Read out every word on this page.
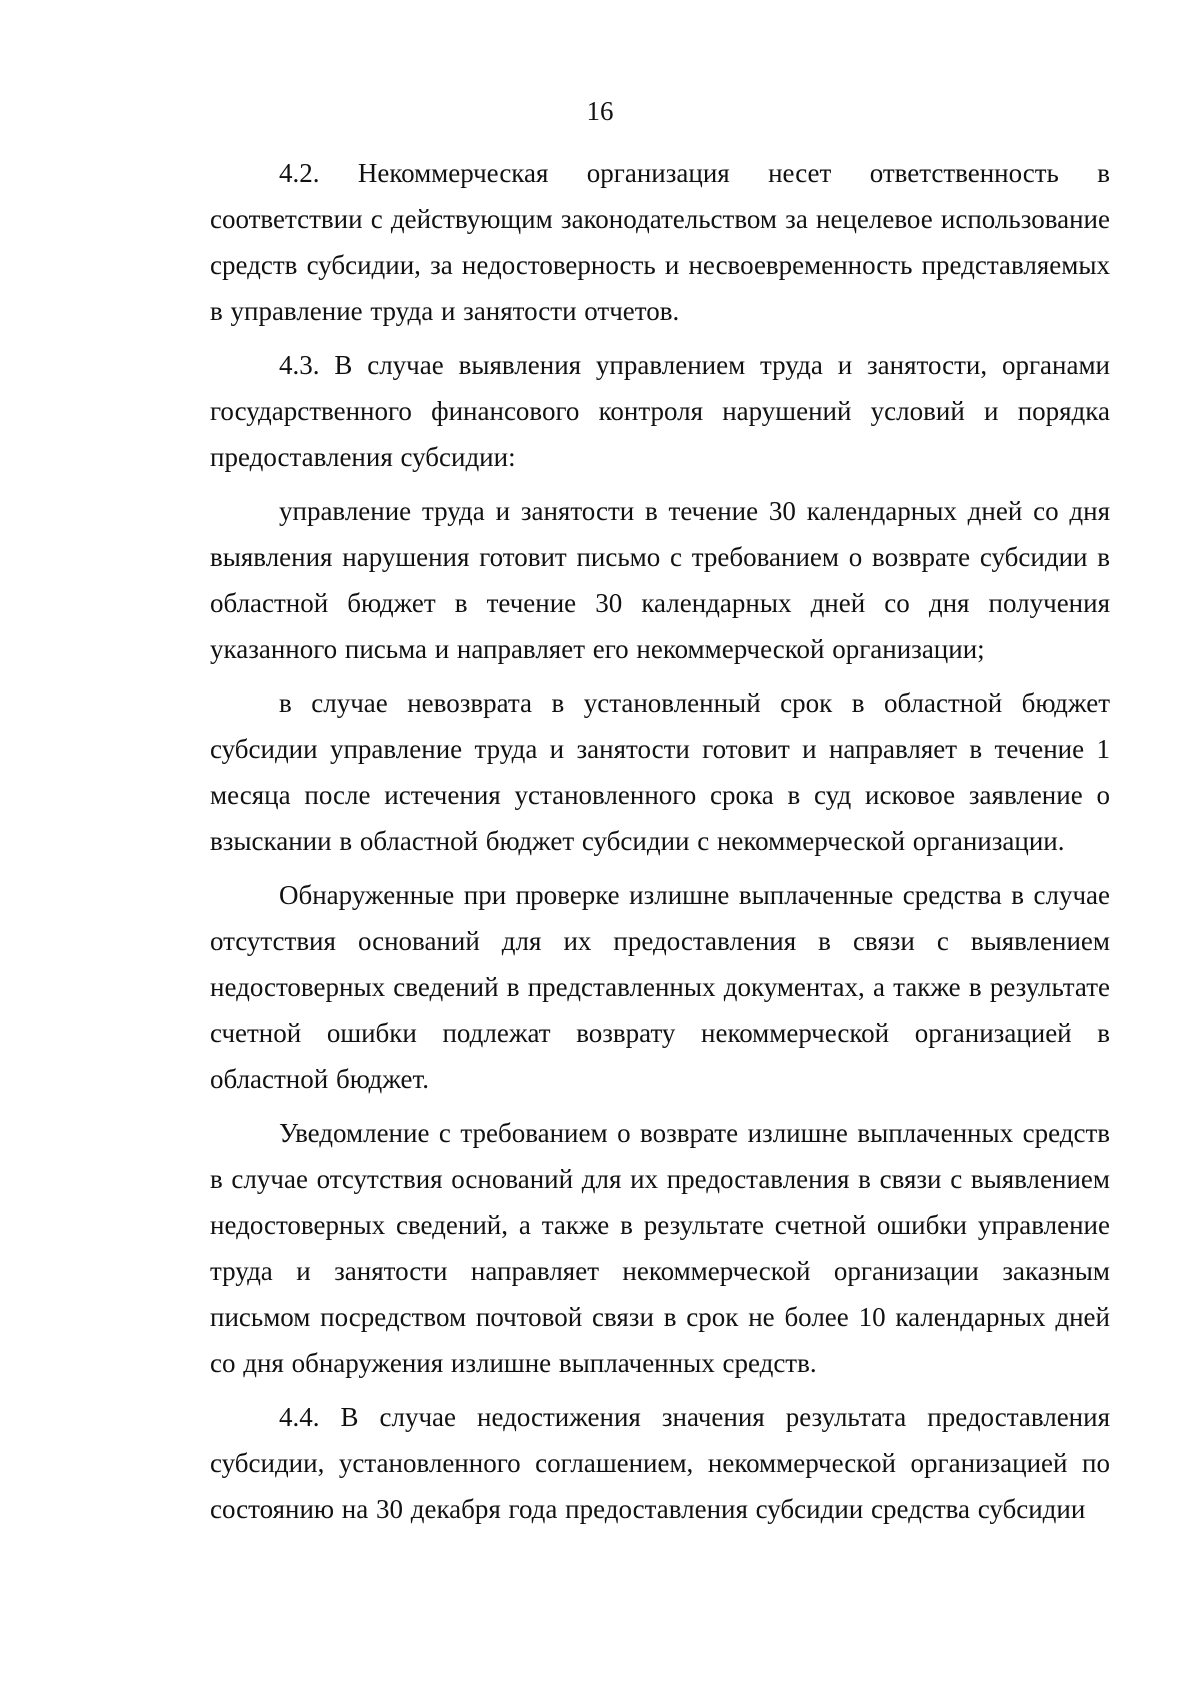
16

4.2. Некоммерческая организация несет ответственность в соответствии с действующим законодательством за нецелевое использование средств субсидии, за недостоверность и несвоевременность представляемых в управление труда и занятости отчетов.

4.3. В случае выявления управлением труда и занятости, органами государственного финансового контроля нарушений условий и порядка предоставления субсидии:

управление труда и занятости в течение 30 календарных дней со дня выявления нарушения готовит письмо с требованием о возврате субсидии в областной бюджет в течение 30 календарных дней со дня получения указанного письма и направляет его некоммерческой организации;

в случае невозврата в установленный срок в областной бюджет субсидии управление труда и занятости готовит и направляет в течение 1 месяца после истечения установленного срока в суд исковое заявление о взыскании в областной бюджет субсидии с некоммерческой организации.

Обнаруженные при проверке излишне выплаченные средства в случае отсутствия оснований для их предоставления в связи с выявлением недостоверных сведений в представленных документах, а также в результате счетной ошибки подлежат возврату некоммерческой организацией в областной бюджет.

Уведомление с требованием о возврате излишне выплаченных средств в случае отсутствия оснований для их предоставления в связи с выявлением недостоверных сведений, а также в результате счетной ошибки управление труда и занятости направляет некоммерческой организации заказным письмом посредством почтовой связи в срок не более 10 календарных дней со дня обнаружения излишне выплаченных средств.

4.4. В случае недостижения значения результата предоставления субсидии, установленного соглашением, некоммерческой организацией по состоянию на 30 декабря года предоставления субсидии средства субсидии
